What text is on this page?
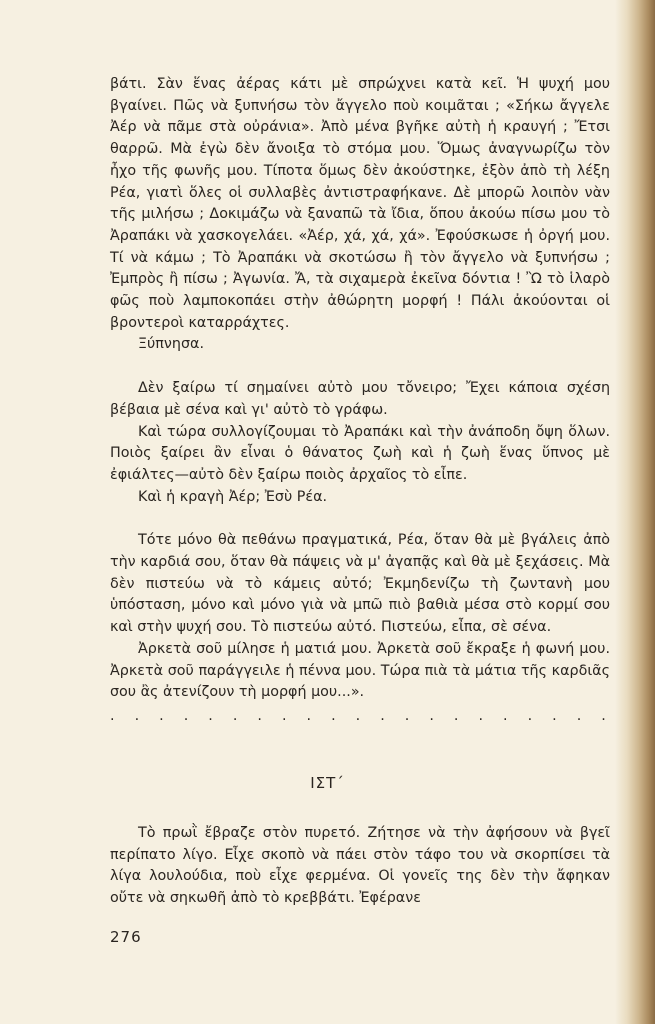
βάτι. Σὰν ἕνας ἀέρας κάτι μὲ σπρώχνει κατὰ κεῖ. Ἡ ψυχή μου βγαίνει. Πῶς νὰ ξυπνήσω τὸν ἄγγελο ποὺ κοιμᾶται ; «Σήκω ἄγγελε Ἀέρ νὰ πᾶμε στὰ οὐράνια». Ἀπὸ μένα βγῆκε αὐτὴ ἡ κραυγή ; Ἔτσι θαρρῶ. Μὰ ἐγὼ δὲν ἄνοιξα τὸ στόμα μου. Ὅμως ἀναγνωρίζω τὸν ἦχο τῆς φωνῆς μου. Τίποτα ὅμως δὲν ἀκούστηκε, ἐξὸν ἀπὸ τὴ λέξη Ρέα, γιατὶ ὅλες οἱ συλλαβὲς ἀντιστραφήκανε. Δὲ μπορῶ λοιπὸν νὰν τῆς μιλήσω ; Δοκιμάζω νὰ ξαναπῶ τὰ ἴδια, ὅπου ἀκούω πίσω μου τὸ Ἀραπάκι νὰ χασκογελάει. «Ἀέρ, χά, χά, χά». Ἐφούσκωσε ἡ ὀργή μου. Τί νὰ κάμω ; Τὸ Ἀραπάκι νὰ σκοτώσω ἢ τὸν ἄγγελο νὰ ξυπνήσω ; Ἐμπρὸς ἢ πίσω ; Ἀγωνία. Ἄ, τὰ σιχαμερὰ ἐκεῖνα δόντια ! Ὢ τὸ ἱλαρὸ φῶς ποὺ λαμποκοπάει στὴν ἀθώρητη μορφή ! Πάλι ἀκούονται οἱ βροντεροὶ καταρράχτες.

Ξύπνησα.

Δὲν ξαίρω τί σημαίνει αὐτὸ μου τὄνειρο; Ἔχει κάποια σχέση βέβαια μὲ σένα καὶ γι' αὐτὸ τὸ γράφω.

Καὶ τώρα συλλογίζουμαι τὸ Ἀραπάκι καὶ τὴν ἀνάποδη ὄψη ὅλων. Ποιὸς ξαίρει ἂν εἶναι ὁ θάνατος ζωὴ καὶ ἡ ζωὴ ἕνας ὕπνος μὲ ἐφιάλτες—αὐτὸ δὲν ξαίρω ποιὸς ἀρχαῖος τὸ εἶπε.

Καὶ ἡ κραγὴ Ἀέρ; Ἐσὺ Ρέα.

Τότε μόνο θὰ πεθάνω πραγματικά, Ρέα, ὅταν θὰ μὲ βγάλεις ἀπὸ τὴν καρδιά σου, ὅταν θὰ πάψεις νὰ μ' ἀγαπᾷς καὶ θὰ μὲ ξεχάσεις. Μὰ δὲν πιστεύω νὰ τὸ κάμεις αὐτό; Ἐκμηδενίζω τὴ ζωντανὴ μου ὑπόσταση, μόνο καὶ μόνο γιὰ νὰ μπῶ πιὸ βαθιὰ μέσα στὸ κορμί σου καὶ στὴν ψυχή σου. Τὸ πιστεύω αὐτό. Πιστεύω, εἶπα, σὲ σένα.

Ἀρκετὰ σοῦ μίλησε ἡ ματιά μου. Ἀρκετὰ σοῦ ἔκραξε ἡ φωνή μου. Ἀρκετὰ σοῦ παράγγειλε ἡ πέννα μου. Τώρα πιὰ τὰ μάτια τῆς καρδιᾶς σου ἂς ἀτενίζουν τὴ μορφή μου...».

. . . . . . . . . . . . . . . . . . . . .
ΙΣΤ΄

Τὸ πρωῒ ἔβραζε στὸν πυρετό. Ζήτησε νὰ τὴν ἀφήσουν νὰ βγεῖ περίπατο λίγο. Εἶχε σκοπὸ νὰ πάει στὸν τάφο του νὰ σκορπίσει τὰ λίγα λουλούδια, ποὺ εἶχε φερμένα. Οἱ γονεῖς της δὲν τὴν ἄφηκαν οὔτε νὰ σηκωθῆ ἀπὸ τὸ κρεββάτι. Ἐφέρανε

276
